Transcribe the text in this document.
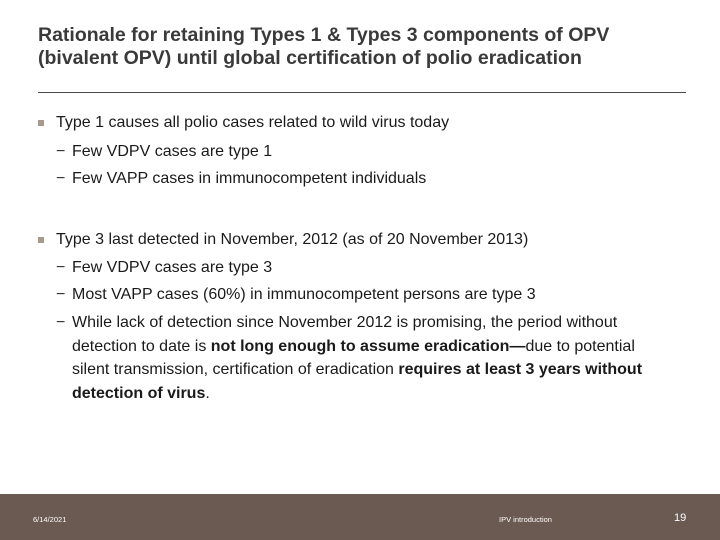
Rationale for retaining Types 1 & Types 3 components of OPV (bivalent OPV) until global certification of polio eradication
Type 1 causes all polio cases related to wild virus today
− Few VDPV cases are type 1
− Few VAPP cases in immunocompetent individuals
Type 3 last detected in November, 2012 (as of 20 November 2013)
− Few VDPV cases are type 3
− Most VAPP cases (60%) in immunocompetent persons are type 3
− While lack of detection since November 2012 is promising, the period without detection to date is not long enough to assume eradication—due to potential silent transmission, certification of eradication requires at least 3 years without detection of virus.
6/14/2021	IPV introduction	19
